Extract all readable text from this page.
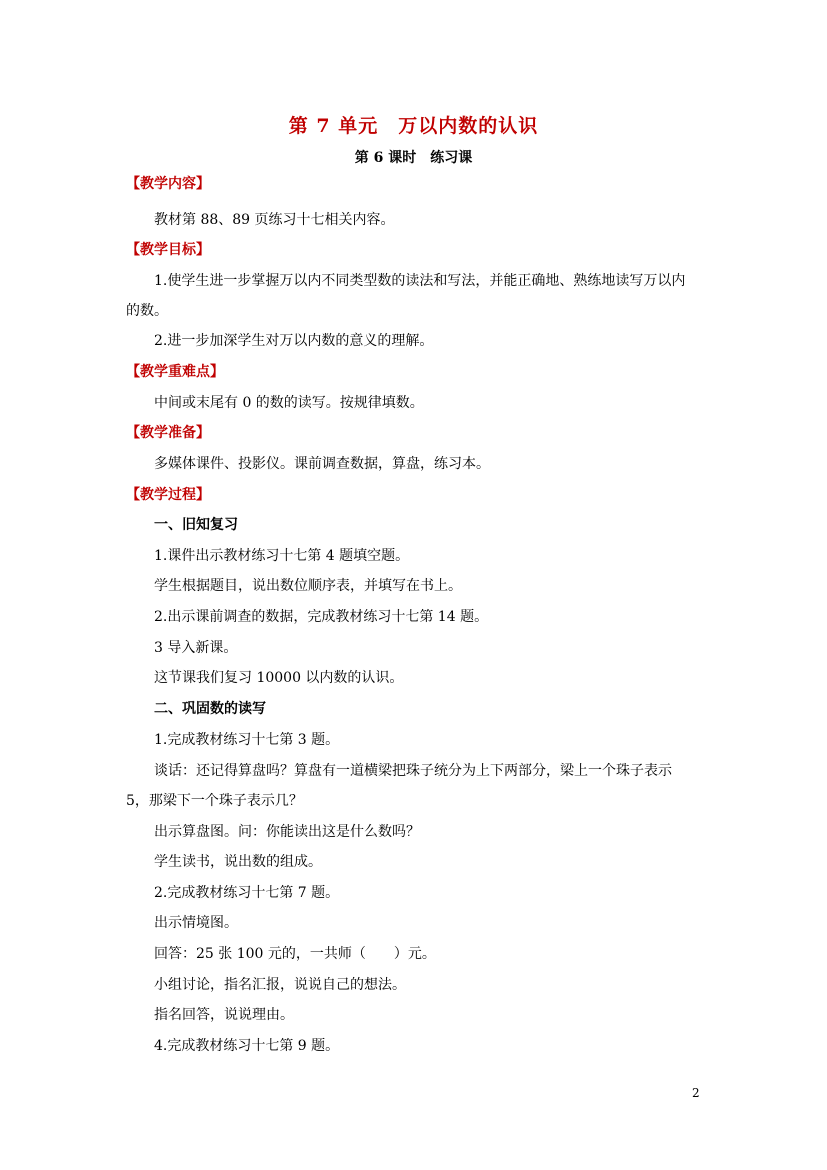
第 7 单元　万以内数的认识
第 6 课时　练习课
【教学内容】
教材第 88、89 页练习十七相关内容。
【教学目标】
1.使学生进一步掌握万以内不同类型数的读法和写法，并能正确地、熟练地读写万以内
的数。
2.进一步加深学生对万以内数的意义的理解。
【教学重难点】
中间或末尾有 0 的数的读写。按规律填数。
【教学准备】
多媒体课件、投影仪。课前调查数据，算盘，练习本。
【教学过程】
一、旧知复习
1.课件出示教材练习十七第 4 题填空题。
学生根据题目，说出数位顺序表，并填写在书上。
2.出示课前调查的数据，完成教材练习十七第 14 题。
3 导入新课。
这节课我们复习 10000 以内数的认识。
二、巩固数的读写
1.完成教材练习十七第 3 题。
谈话：还记得算盘吗？算盘有一道横梁把珠子统分为上下两部分，梁上一个珠子表示
5，那梁下一个珠子表示几？
出示算盘图。问：你能读出这是什么数吗？
学生读书，说出数的组成。
2.完成教材练习十七第 7 题。
出示情境图。
回答：25 张 100 元的，一共师（　　）元。
小组讨论，指名汇报，说说自己的想法。
指名回答，说说理由。
4.完成教材练习十七第 9 题。
2
